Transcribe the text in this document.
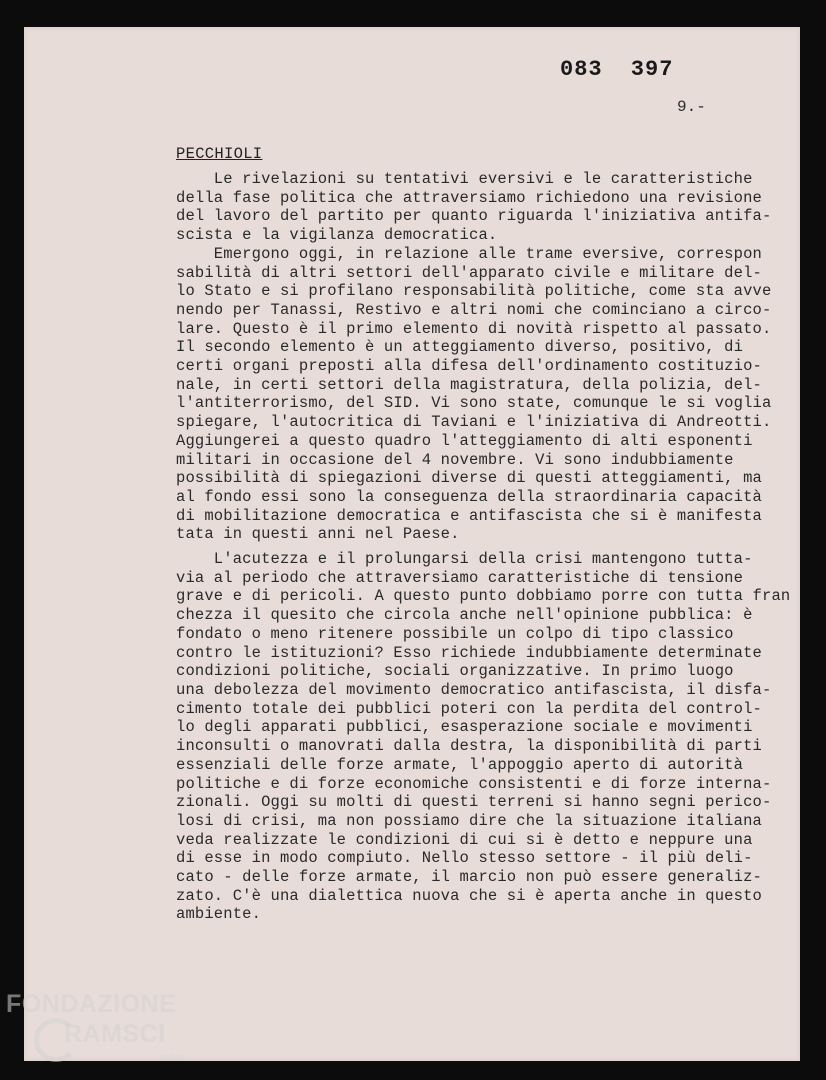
083 397
9.-
PECCHIOLI
Le rivelazioni su tentativi eversivi e le caratteristiche
della fase politica che attraversiamo richiedono una revisione
del lavoro del partito per quanto riguarda l'iniziativa antifa-
scista e la vigilanza democratica.
Emergono oggi, in relazione alle trame eversive, correspon
sabilità di altri settori dell'apparato civile e militare del-
lo Stato e si profilano responsabilità politiche, come sta avve
nendo per Tanassi, Restivo e altri nomi che cominciano a circo-
lare. Questo è il primo elemento di novità rispetto al passato.
Il secondo elemento è un atteggiamento diverso, positivo, di
certi organi preposti alla difesa dell'ordinamento costituzio-
nale, in certi settori della magistratura, della polizia, del-
l'antiterrorismo, del SID. Vi sono state, comunque le si voglia
spiegare, l'autocritica di Taviani e l'iniziativa di Andreotti.
Aggiungerei a questo quadro l'atteggiamento di alti esponenti
militari in occasione del 4 novembre. Vi sono indubbiamente
possibilità di spiegazioni diverse di questi atteggiamenti, ma
al fondo essi sono la conseguenza della straordinaria capacità
di mobilitazione democratica e antifascista che si è manifesta
tata in questi anni nel Paese.
L'acutezza e il prolungarsi della crisi mantengono tutta-
via al periodo che attraversiamo caratteristiche di tensione
grave e di pericoli. A questo punto dobbiamo porre con tutta fran
chezza il quesito che circola anche nell'opinione pubblica: è
fondato o meno ritenere possibile un colpo di tipo classico
contro le istituzioni? Esso richiede indubbiamente determinate
condizioni politiche, sociali organizzative. In primo luogo
una debolezza del movimento democratico antifascista, il disfa-
cimento totale dei pubblici poteri con la perdita del control-
lo degli apparati pubblici, esasperazione sociale e movimenti
inconsulti o manovrati dalla destra, la disponibilità di parti
essenziali delle forze armate, l'appoggio aperto di autorità
politiche e di forze economiche consistenti e di forze interna-
zionali. Oggi su molti di questi terreni si hanno segni perico-
losi di crisi, ma non possiamo dire che la situazione italiana
veda realizzate le condizioni di cui si è detto e neppure una
di esse in modo compiuto. Nello stesso settore - il più deli-
cato - delle forze armate, il marcio non può essere generaliz-
zato. C'è una dialettica nuova che si è aperta anche in questo
ambiente.
FONDAZIONE
RAMSCI
onlus
